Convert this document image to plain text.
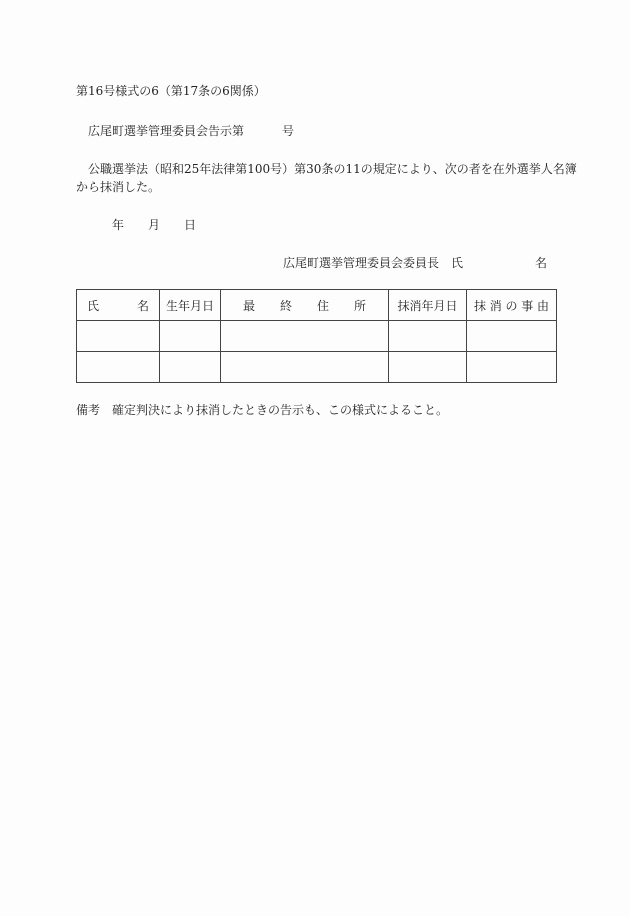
第16号様式の6（第17条の6関係）
広尾町選挙管理委員会告示第	号
公職選挙法（昭和25年法律第100号）第30条の11の規定により、次の者を在外選挙人名簿
から抹消した。
年 月 日
広尾町選挙管理委員会委員長 氏	名
氏 名	生年月日	最 終 住 所	抹消年月日	抹 消 の 事 由

備考 確定判決により抹消したときの告示も、この様式によること。
